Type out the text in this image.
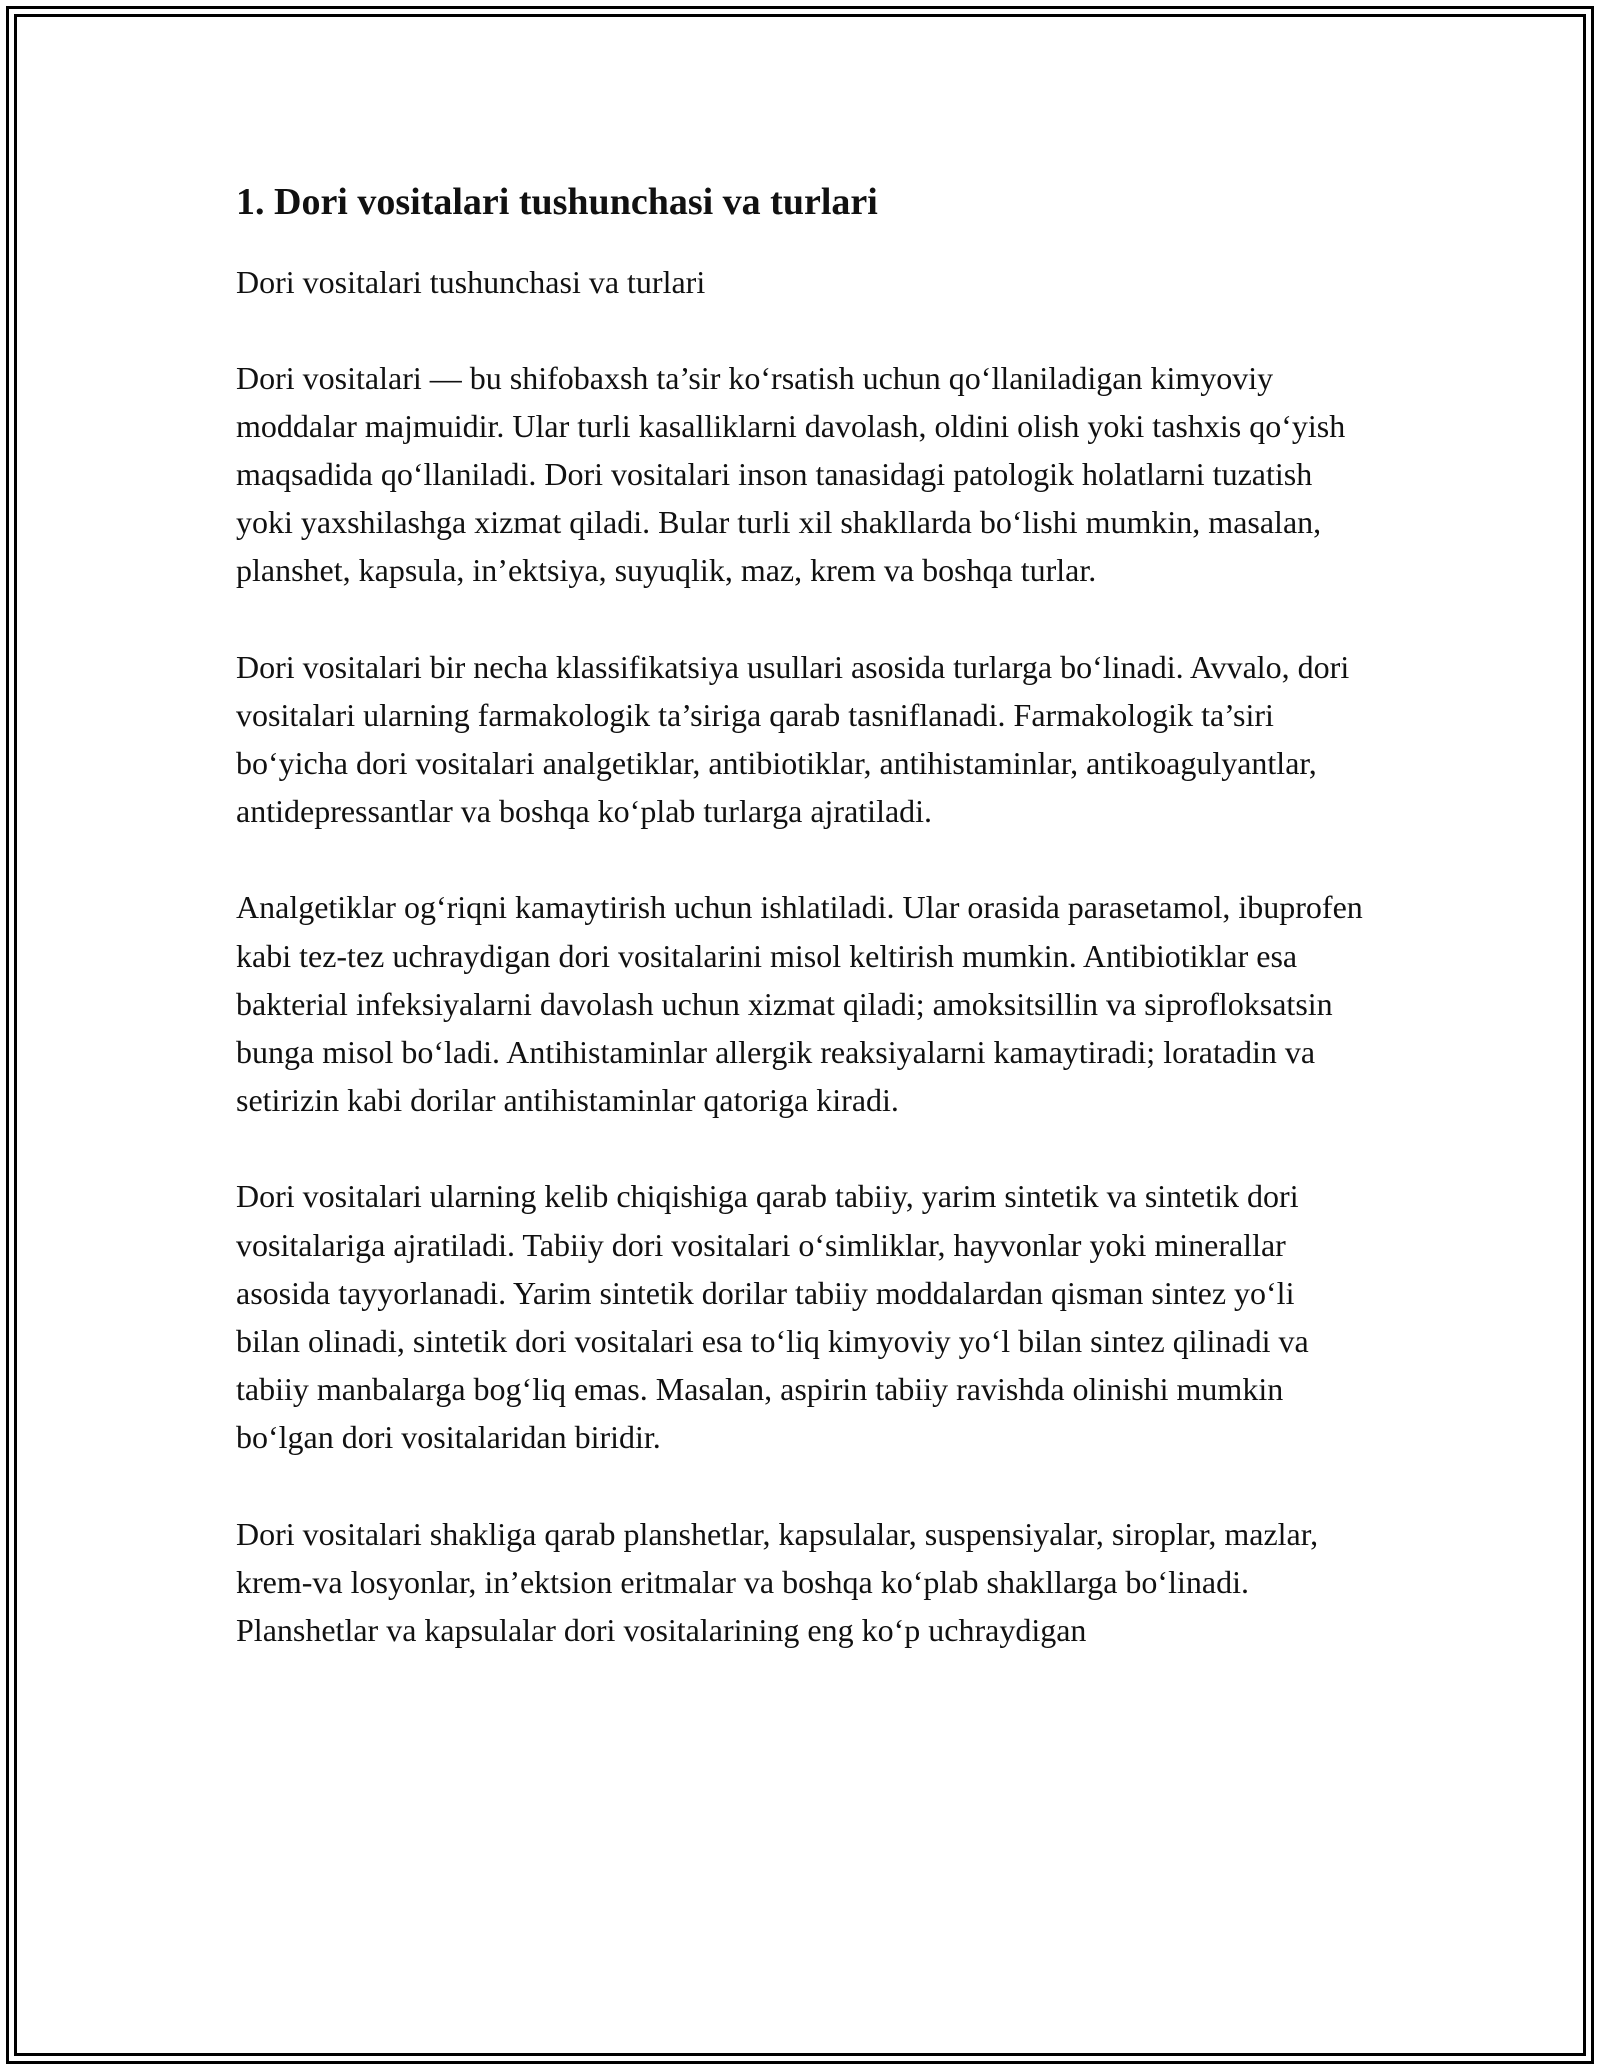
1. Dori vositalari tushunchasi va turlari
Dori vositalari tushunchasi va turlari

Dori vositalari — bu shifobaxsh ta’sir ko‘rsatish uchun qo‘llaniladigan kimyoviy moddalar majmuidir. Ular turli kasalliklarni davolash, oldini olish yoki tashxis qo‘yish maqsadida qo‘llaniladi. Dori vositalari inson tanasidagi patologik holatlarni tuzatish yoki yaxshilashga xizmat qiladi. Bular turli xil shakllarda bo‘lishi mumkin, masalan, planshet, kapsula, in’ektsiya, suyuqlik, maz, krem va boshqa turlar.

Dori vositalari bir necha klassifikatsiya usullari asosida turlarga bo‘linadi. Avvalo, dori vositalari ularning farmakologik ta’siriga qarab tasniflanadi. Farmakologik ta’siri bo‘yicha dori vositalari analgetiklar, antibiotiklar, antihistaminlar, antikoagulyantlar, antidepressantlar va boshqa ko‘plab turlarga ajratiladi.

Analgetiklar og‘riqni kamaytirish uchun ishlatiladi. Ular orasida parasetamol, ibuprofen kabi tez-tez uchraydigan dori vositalarini misol keltirish mumkin. Antibiotiklar esa bakterial infeksiyalarni davolash uchun xizmat qiladi; amoksitsillin va siprofloksatsin bunga misol bo‘ladi. Antihistaminlar allergik reaksiyalarni kamaytiradi; loratadin va setirizin kabi dorilar antihistaminlar qatoriga kiradi.

Dori vositalari ularning kelib chiqishiga qarab tabiiy, yarim sintetik va sintetik dori vositalariga ajratiladi. Tabiiy dori vositalari o‘simliklar, hayvonlar yoki minerallar asosida tayyorlanadi. Yarim sintetik dorilar tabiiy moddalardan qisman sintez yo‘li bilan olinadi, sintetik dori vositalari esa to‘liq kimyoviy yo‘l bilan sintez qilinadi va tabiiy manbalarga bog‘liq emas. Masalan, aspirin tabiiy ravishda olinishi mumkin bo‘lgan dori vositalaridan biridir.

Dori vositalari shakliga qarab planshetlar, kapsulalar, suspensiyalar, siroplar, mazlar, krem-va losyonlar, in’ektsion eritmalar va boshqa ko‘plab shakllarga bo‘linadi. Planshetlar va kapsulalar dori vositalarining eng ko‘p uchraydigan
